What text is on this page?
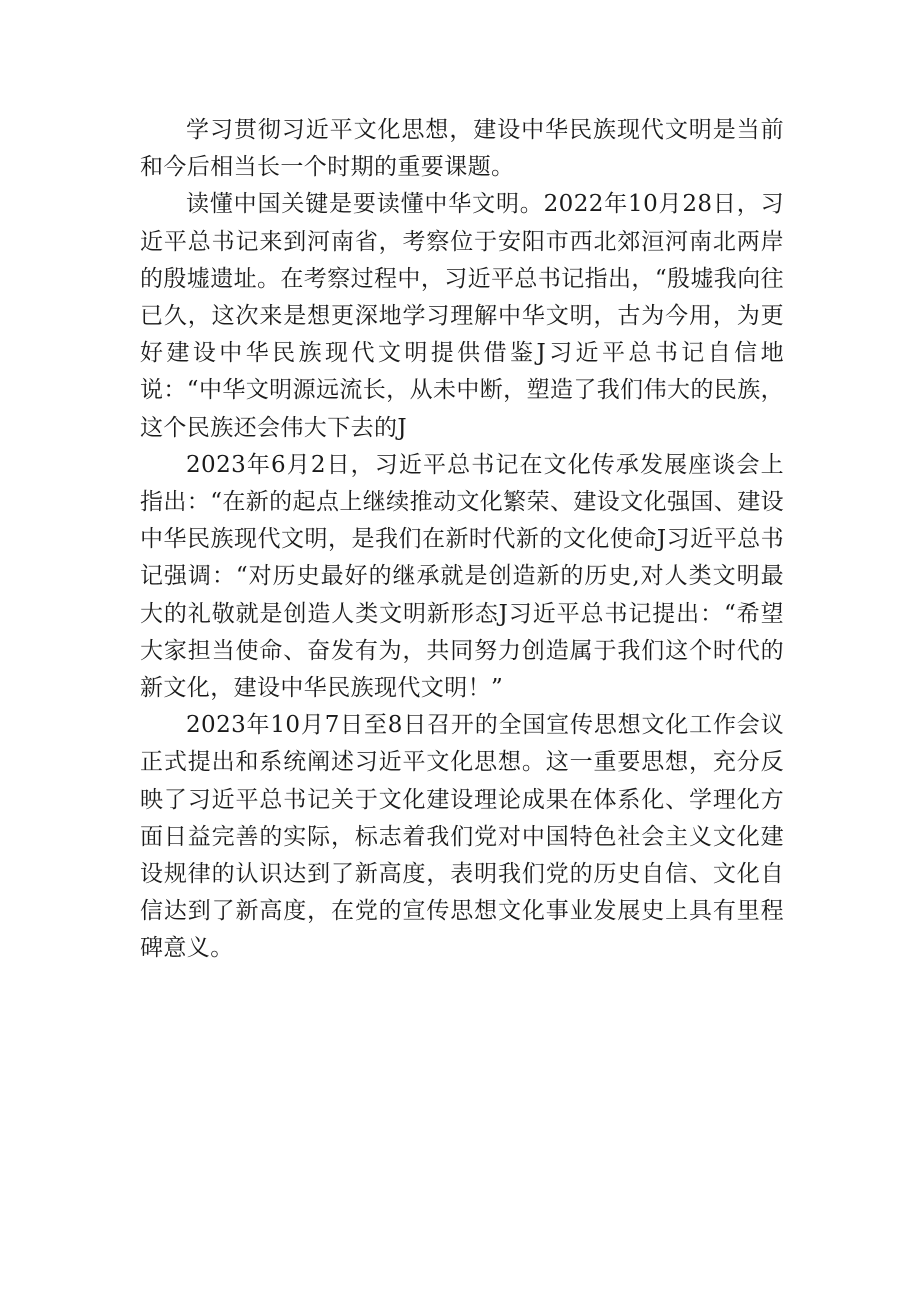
学习贯彻习近平文化思想，建设中华民族现代文明是当前和今后相当长一个时期的重要课题。

读懂中国关键是要读懂中华文明。2022年10月28日，习近平总书记来到河南省，考察位于安阳市西北郊洹河南北两岸的殷墟遗址。在考察过程中，习近平总书记指出，“殷墟我向往已久，这次来是想更深地学习理解中华文明，古为今用，为更好建设中华民族现代文明提供借鉴J习近平总书记自信地说：“中华文明源远流长，从未中断，塑造了我们伟大的民族，这个民族还会伟大下去的J

2023年6月2日，习近平总书记在文化传承发展座谈会上指出：“在新的起点上继续推动文化繁荣、建设文化强国、建设中华民族现代文明，是我们在新时代新的文化使命J习近平总书记强调：“对历史最好的继承就是创造新的历史,对人类文明最大的礼敬就是创造人类文明新形态J习近平总书记提出：“希望大家担当使命、奋发有为，共同努力创造属于我们这个时代的新文化，建设中华民族现代文明！”

2023年10月7日至8日召开的全国宣传思想文化工作会议正式提出和系统阐述习近平文化思想。这一重要思想，充分反映了习近平总书记关于文化建设理论成果在体系化、学理化方面日益完善的实际，标志着我们党对中国特色社会主义文化建设规律的认识达到了新高度，表明我们党的历史自信、文化自信达到了新高度，在党的宣传思想文化事业发展史上具有里程碑意义。
